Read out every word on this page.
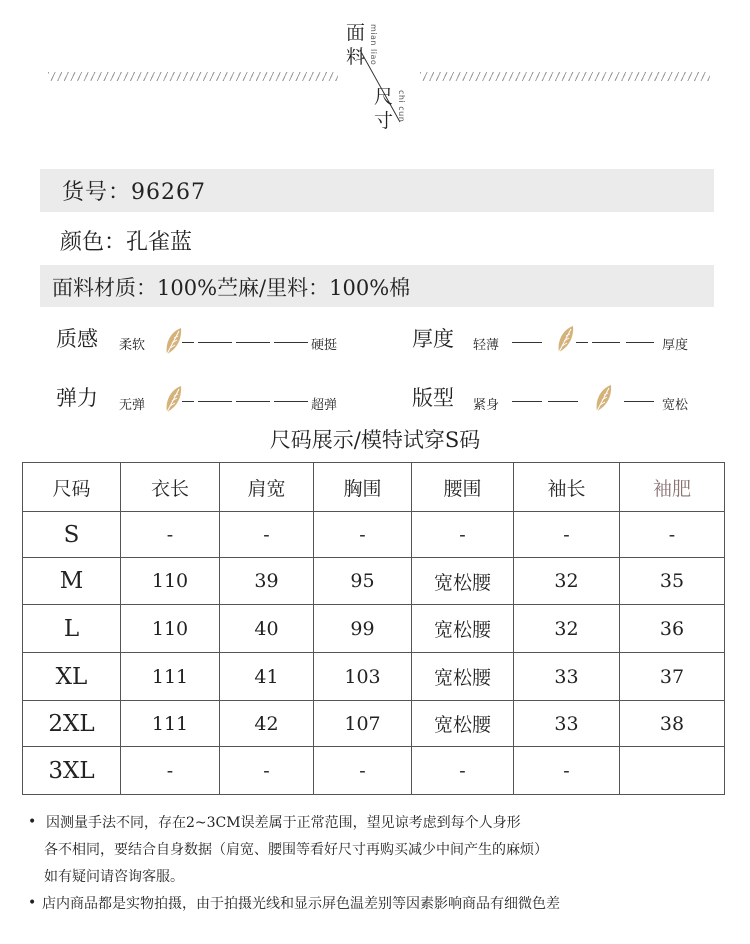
面
料 mian liao
尺
寸 chi cun
货号：96267
颜色：孔雀蓝
面料材质：100%苎麻/里料：100%棉
质感 柔软	硬挺	厚度 轻薄	厚度
弹力 无弹	超弹	版型 紧身	宽松
尺码展示/模特试穿S码
尺码	衣长	肩宽	胸围	腰围	袖长	袖肥
S	-	-	-	-	-	-
M	110	39	95	宽松腰	32	35
L	110	40	99	宽松腰	32	36
XL	111	41	103	宽松腰	33	37
2XL	111	42	107	宽松腰	33	38
3XL	-	-	-	-	-	
• 因测量手法不同，存在2~3CM误差属于正常范围，望见谅考虑到每个人身形
各不相同，要结合自身数据（肩宽、腰围等看好尺寸再购买减少中间产生的麻烦）
如有疑问请咨询客服。
• 店内商品都是实物拍摄，由于拍摄光线和显示屏色温差别等因素影响商品有细微色差
